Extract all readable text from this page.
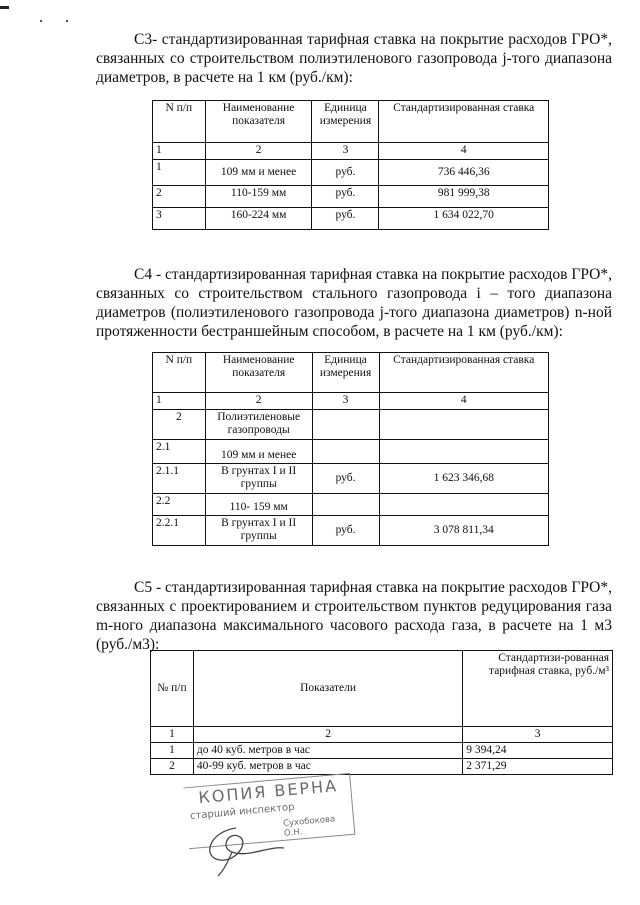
С3- стандартизированная тарифная ставка на покрытие расходов ГРО*, связанных со строительством полиэтиленового газопровода j-того диапазона диаметров, в расчете на 1 км (руб./км):

N п/п	Наименование показателя	Единица измерения	Стандартизированная ставка
1	2	3	4
1	109 мм и менее	руб.	736 446,36
2	110-159 мм	руб.	981 999,38
3	160-224 мм	руб.	1 634 022,70

С4 - стандартизированная тарифная ставка на покрытие расходов ГРО*, связанных со строительством стального газопровода i – того диапазона диаметров (полиэтиленового газопровода j-того диапазона диаметров) n-ной протяженности бестраншейным способом, в расчете на 1 км (руб./км):

N п/п	Наименование показателя	Единица измерения	Стандартизированная ставка
1	2	3	4
2	Полиэтиленовые газопроводы		
2.1	109 мм и менее		
2.1.1	В грунтах I и II группы	руб.	1 623 346,68
2.2	110- 159 мм		
2.2.1	В грунтах I и II группы	руб.	3 078 811,34

С5 - стандартизированная тарифная ставка на покрытие расходов ГРО*, связанных с проектированием и строительством пунктов редуцирования газа m-ного диапазона максимального часового расхода газа, в расчете на 1 м3 (руб./м3):

№ п/п	Показатели	Стандартизи-рованная тарифная ставка, руб./м³
1	2	3
1	до 40 куб. метров в час	9 394,24
2	40-99 куб. метров в час	2 371,29
КОПИЯ ВЕРНА
старший инспектор
Сухобокова О.Н.
